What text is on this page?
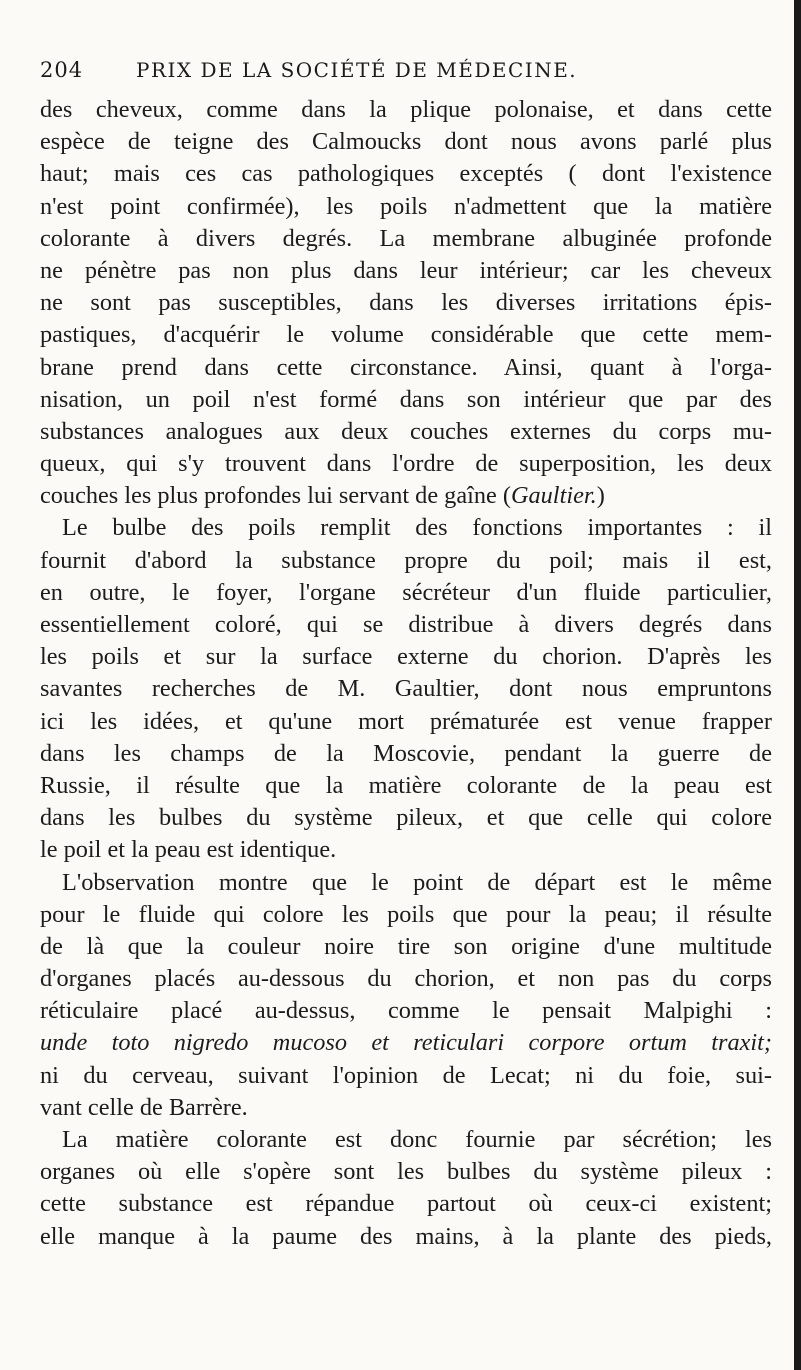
204	PRIX DE LA SOCIÉTÉ DE MÉDECINE.
des cheveux, comme dans la plique polonaise, et dans cette
espèce de teigne des Calmoucks dont nous avons parlé plus
haut; mais ces cas pathologiques exceptés ( dont l'existence
n'est point confirmée), les poils n'admettent que la matière
colorante à divers degrés. La membrane albuginée profonde
ne pénètre pas non plus dans leur intérieur; car les cheveux
ne sont pas susceptibles, dans les diverses irritations épis-
pastiques, d'acquérir le volume considérable que cette mem-
brane prend dans cette circonstance. Ainsi, quant à l'orga-
nisation, un poil n'est formé dans son intérieur que par des
substances analogues aux deux couches externes du corps mu-
queux, qui s'y trouvent dans l'ordre de superposition, les deux
couches les plus profondes lui servant de gaîne (Gaultier.)
Le bulbe des poils remplit des fonctions importantes : il
fournit d'abord la substance propre du poil; mais il est,
en outre, le foyer, l'organe sécréteur d'un fluide particulier,
essentiellement coloré, qui se distribue à divers degrés dans
les poils et sur la surface externe du chorion. D'après les
savantes recherches de M. Gaultier, dont nous empruntons
ici les idées, et qu'une mort prématurée est venue frapper
dans les champs de la Moscovie, pendant la guerre de
Russie, il résulte que la matière colorante de la peau est
dans les bulbes du système pileux, et que celle qui colore
le poil et la peau est identique.
L'observation montre que le point de départ est le même
pour le fluide qui colore les poils que pour la peau; il résulte
de là que la couleur noire tire son origine d'une multitude
d'organes placés au-dessous du chorion, et non pas du corps
réticulaire placé au-dessus, comme le pensait Malpighi :
unde toto nigredo mucoso et reticulari corpore ortum traxit;
ni du cerveau, suivant l'opinion de Lecat; ni du foie, sui-
vant celle de Barrère.
La matière colorante est donc fournie par sécrétion; les
organes où elle s'opère sont les bulbes du système pileux :
cette substance est répandue partout où ceux-ci existent;
elle manque à la paume des mains, à la plante des pieds,
